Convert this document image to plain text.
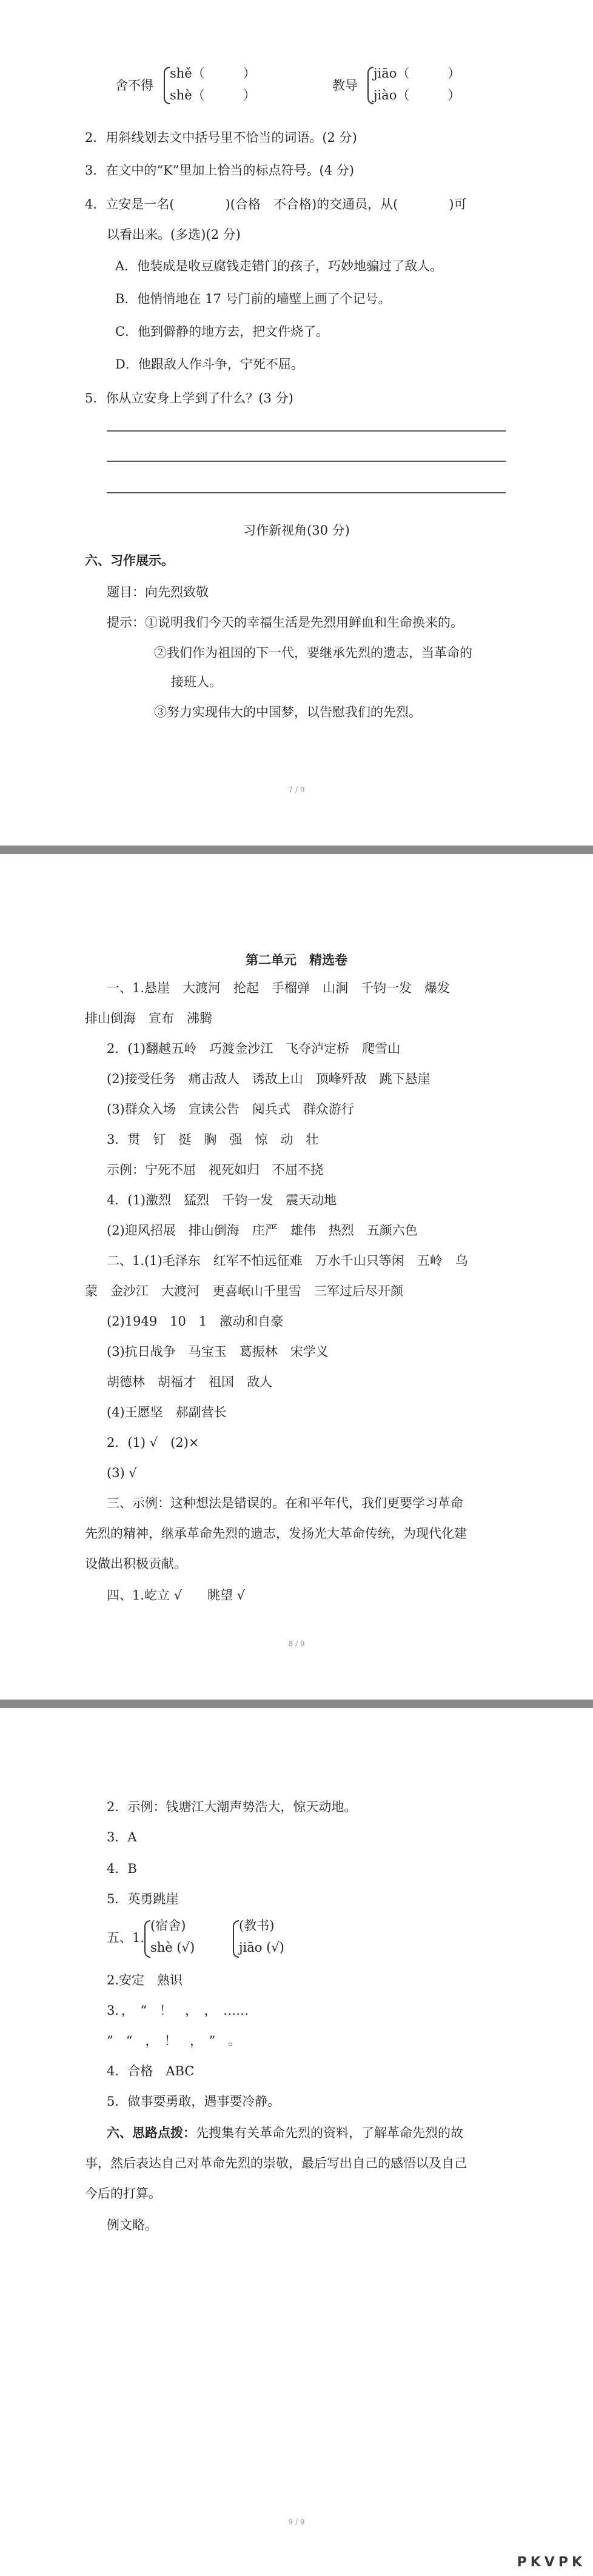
舍不得
shě（　　　）
shè（　　　）
教导
jiāo（　　　）
jiào（　　　）
2．用斜线划去文中括号里不恰当的词语。(2 分)
3．在文中的“K”里加上恰当的标点符号。(4 分)
4．立安是一名(　　　　)(合格　不合格)的交通员，从(　　　　)可
以看出来。(多选)(2 分)
A．他装成是收豆腐钱走错门的孩子，巧妙地骗过了敌人。
B．他悄悄地在 17 号门前的墙壁上画了个记号。
C．他到僻静的地方去，把文件烧了。
D．他跟敌人作斗争，宁死不屈。
5．你从立安身上学到了什么？(3 分)
习作新视角(30 分)
六、习作展示。
题目：向先烈致敬
提示：①说明我们今天的幸福生活是先烈用鲜血和生命换来的。
②我们作为祖国的下一代，要继承先烈的遗志，当革命的
接班人。
③努力实现伟大的中国梦，以告慰我们的先烈。
7 / 9
第二单元　精选卷
一、1.悬崖　大渡河　抡起　手榴弹　山涧　千钧一发　爆发
排山倒海　宣布　沸腾
2．(1)翻越五岭　巧渡金沙江　飞夺泸定桥　爬雪山
(2)接受任务　痛击敌人　诱敌上山　顶峰歼敌　跳下悬崖
(3)群众入场　宣读公告　阅兵式　群众游行
3．贯　钉　挺　胸　强　惊　动　壮
示例：宁死不屈　视死如归　不屈不挠
4．(1)激烈　猛烈　千钧一发　震天动地
(2)迎风招展　排山倒海　庄严　雄伟　热烈　五颜六色
二、1.(1)毛泽东　红军不怕远征难　万水千山只等闲　五岭　乌
蒙　金沙江　大渡河　更喜岷山千里雪　三军过后尽开颜
(2)1949　10　1　激动和自豪
(3)抗日战争　马宝玉　葛振林　宋学义
胡德林　胡福才　祖国　敌人
(4)王愿坚　郝副营长
2．(1) √　(2)×
(3) √
三、示例：这种想法是错误的。在和平年代，我们更要学习革命
先烈的精神，继承革命先烈的遗志，发扬光大革命传统，为现代化建
设做出积极贡献。
四、1.屹立 √　　眺望 √
8 / 9
2．示例：钱塘江大潮声势浩大，惊天动地。
3．A
4．B
5．英勇跳崖
五、1.
(宿舍)
shè (√)
(教书)
jiāo (√)
2.安定　熟识
3．，　“　！　，　，　……
”　“　，　！　，　”　。
4．合格　ABC
5．做事要勇敢，遇事要冷静。
六、思路点拨：先搜集有关革命先烈的资料，了解革命先烈的故
事，然后表达自己对革命先烈的崇敬，最后写出自己的感悟以及自己
今后的打算。
例文略。
9 / 9
PKVPK
